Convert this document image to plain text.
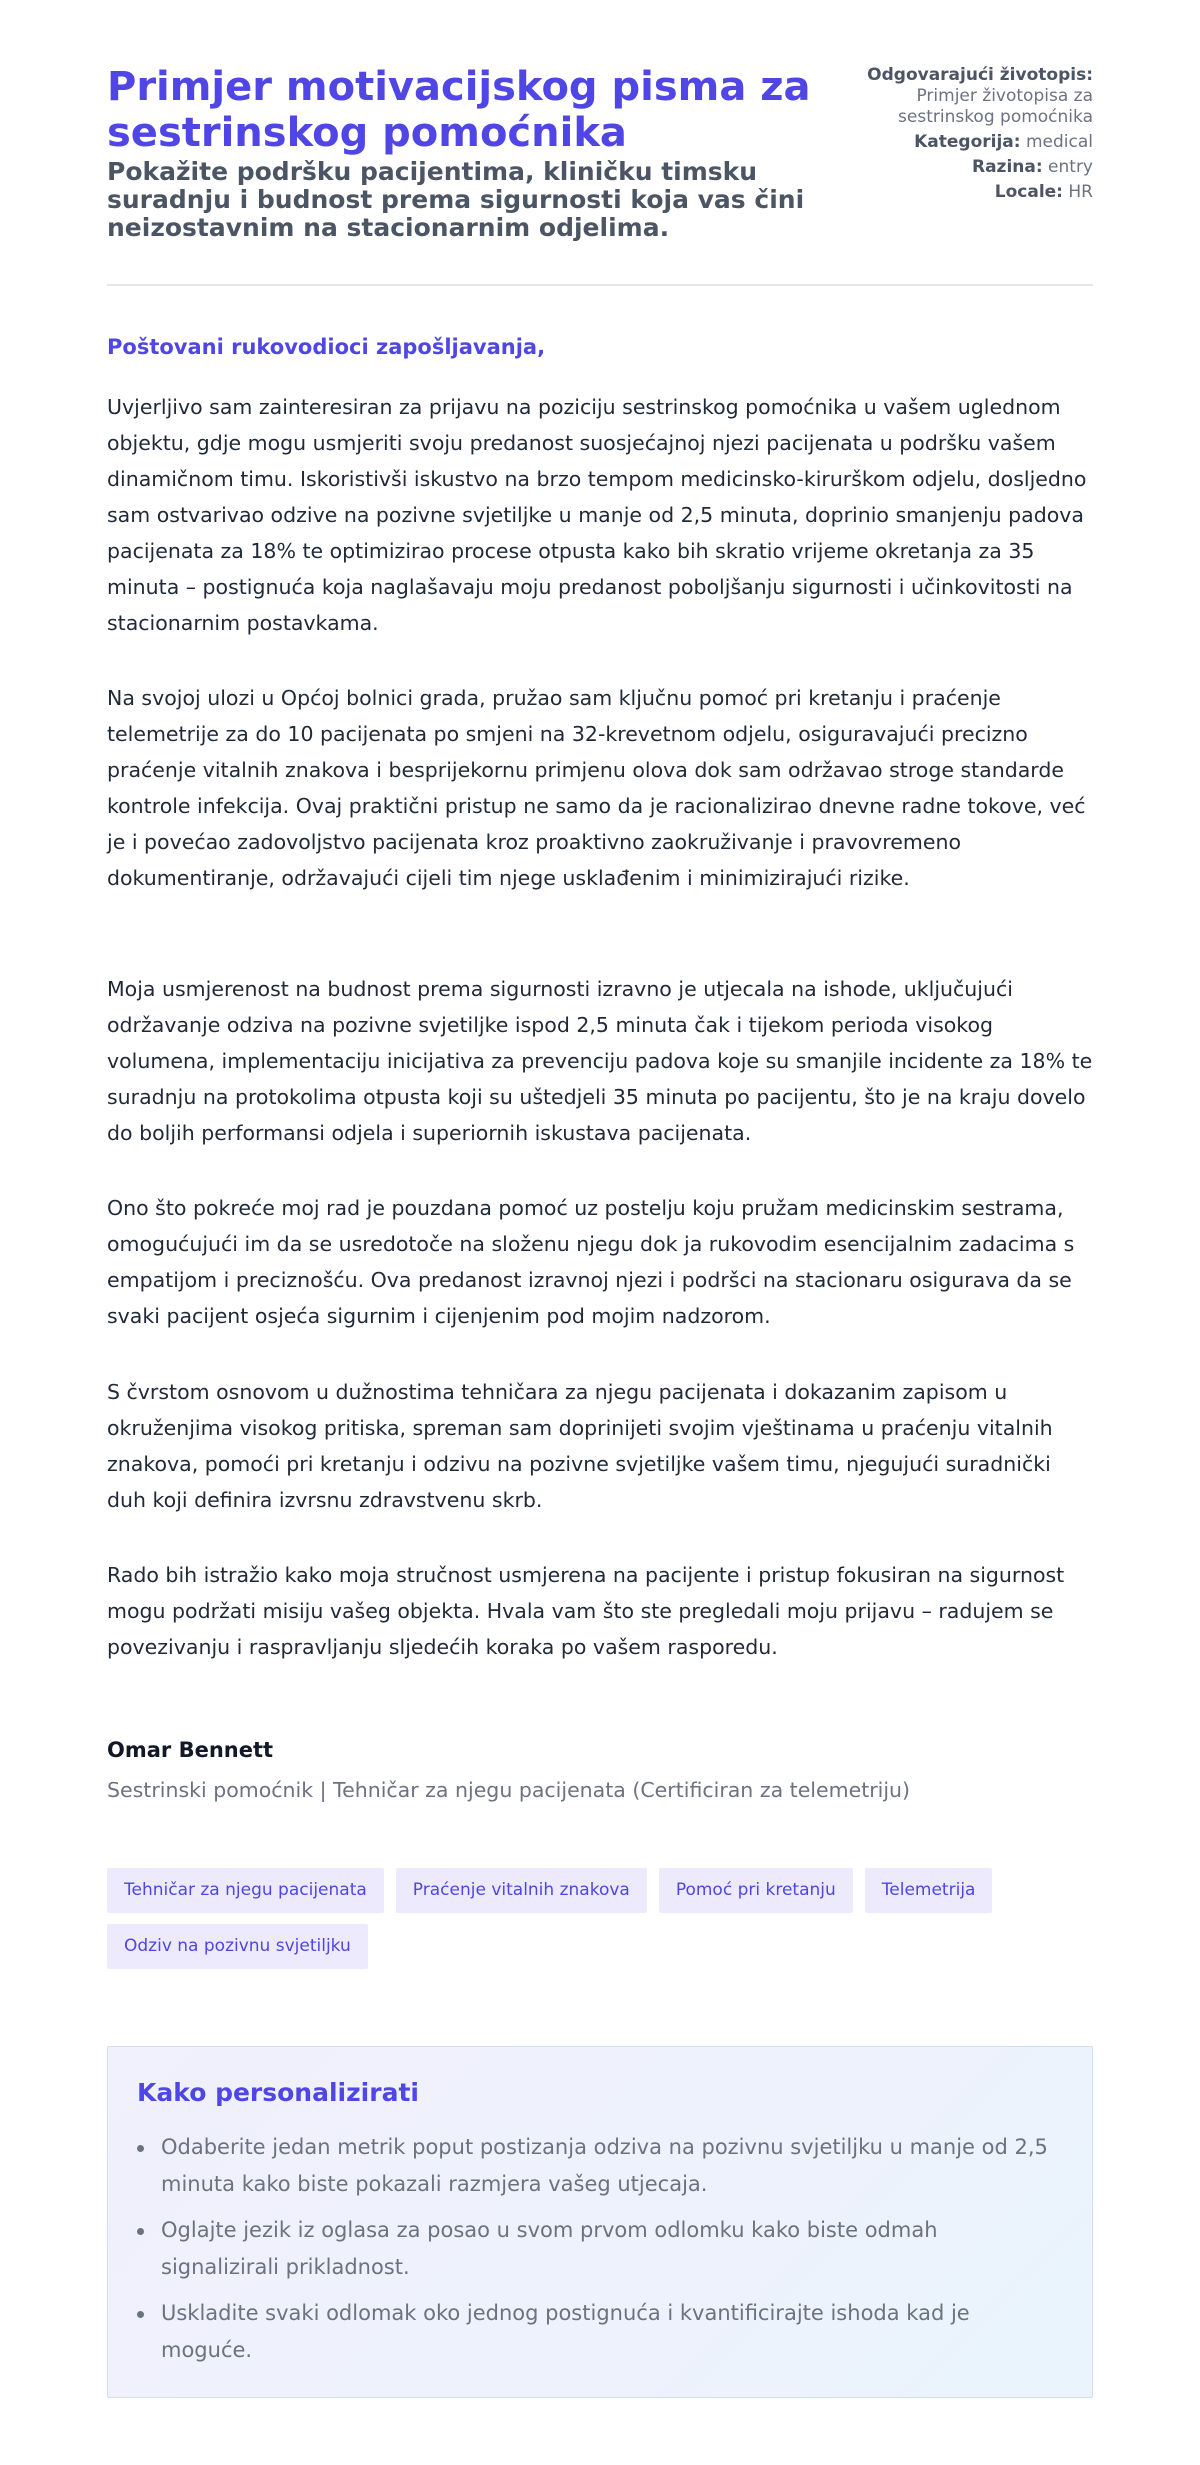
Primjer motivacijskog pisma za sestrinskog pomoćnika

Pokažite podršku pacijentima, kliničku timsku suradnju i budnost prema sigurnosti koja vas čini neizostavnim na stacionarnim odjelima.

Odgovarajući životopis: Primjer životopisa za sestrinskog pomoćnika
Kategorija: medical
Razina: entry
Locale: HR

Poštovani rukovodioci zapošljavanja,

Uvjerljivo sam zainteresiran za prijavu na poziciju sestrinskog pomoćnika u vašem uglednom objektu, gdje mogu usmjeriti svoju predanost suosjećajnoj njezi pacijenata u podršku vašem dinamičnom timu. Iskoristivši iskustvo na brzo tempom medicinsko-kirurškom odjelu, dosljedno sam ostvarivao odzive na pozivne svjetiljke u manje od 2,5 minuta, doprinio smanjenju padova pacijenata za 18% te optimizirao procese otpusta kako bih skratio vrijeme okretanja za 35 minuta – postignuća koja naglašavaju moju predanost poboljšanju sigurnosti i učinkovitosti na stacionarnim postavkama.

Na svojoj ulozi u Općoj bolnici grada, pružao sam ključnu pomoć pri kretanju i praćenje telemetrije za do 10 pacijenata po smjeni na 32-krevetnom odjelu, osiguravajući precizno praćenje vitalnih znakova i besprijekornu primjenu olova dok sam održavao stroge standarde kontrole infekcija. Ovaj praktični pristup ne samo da je racionalizirao dnevne radne tokove, već je i povećao zadovoljstvo pacijenata kroz proaktivno zaokruživanje i pravovremeno dokumentiranje, održavajući cijeli tim njege usklađenim i minimizirajući rizike.

Moja usmjerenost na budnost prema sigurnosti izravno je utjecala na ishode, uključujući održavanje odziva na pozivne svjetiljke ispod 2,5 minuta čak i tijekom perioda visokog volumena, implementaciju inicijativa za prevenciju padova koje su smanjile incidente za 18% te suradnju na protokolima otpusta koji su uštedjeli 35 minuta po pacijentu, što je na kraju dovelo do boljih performansi odjela i superiornih iskustava pacijenata.

Ono što pokreće moj rad je pouzdana pomoć uz postelju koju pružam medicinskim sestrama, omogućujući im da se usredotoče na složenu njegu dok ja rukovodim esencijalnim zadacima s empatijom i preciznošću. Ova predanost izravnoj njezi i podršci na stacionaru osigurava da se svaki pacijent osjeća sigurnim i cijenjenim pod mojim nadzorom.

S čvrstom osnovom u dužnostima tehničara za njegu pacijenata i dokazanim zapisom u okruženjima visokog pritiska, spreman sam doprinijeti svojim vještinama u praćenju vitalnih znakova, pomoći pri kretanju i odzivu na pozivne svjetiljke vašem timu, njegujući suradnički duh koji definira izvrsnu zdravstvenu skrb.

Rado bih istražio kako moja stručnost usmjerena na pacijente i pristup fokusiran na sigurnost mogu podržati misiju vašeg objekta. Hvala vam što ste pregledali moju prijavu – radujem se povezivanju i raspravljanju sljedećih koraka po vašem rasporedu.

Omar Bennett

Sestrinski pomoćnik | Tehničar za njegu pacijenata (Certificiran za telemetriju)

Tehničar za njegu pacijenata	Praćenje vitalnih znakova	Pomoć pri kretanju	Telemetrija
Odziv na pozivnu svjetiljku
Kako personalizirati
Odaberite jedan metrik poput postizanja odziva na pozivnu svjetiljku u manje od 2,5 minuta kako biste pokazali razmjera vašeg utjecaja.
Oglajte jezik iz oglasa za posao u svom prvom odlomku kako biste odmah signalizirali prikladnost.
Uskladite svaki odlomak oko jednog postignuća i kvantificirajte ishoda kad je moguće.
